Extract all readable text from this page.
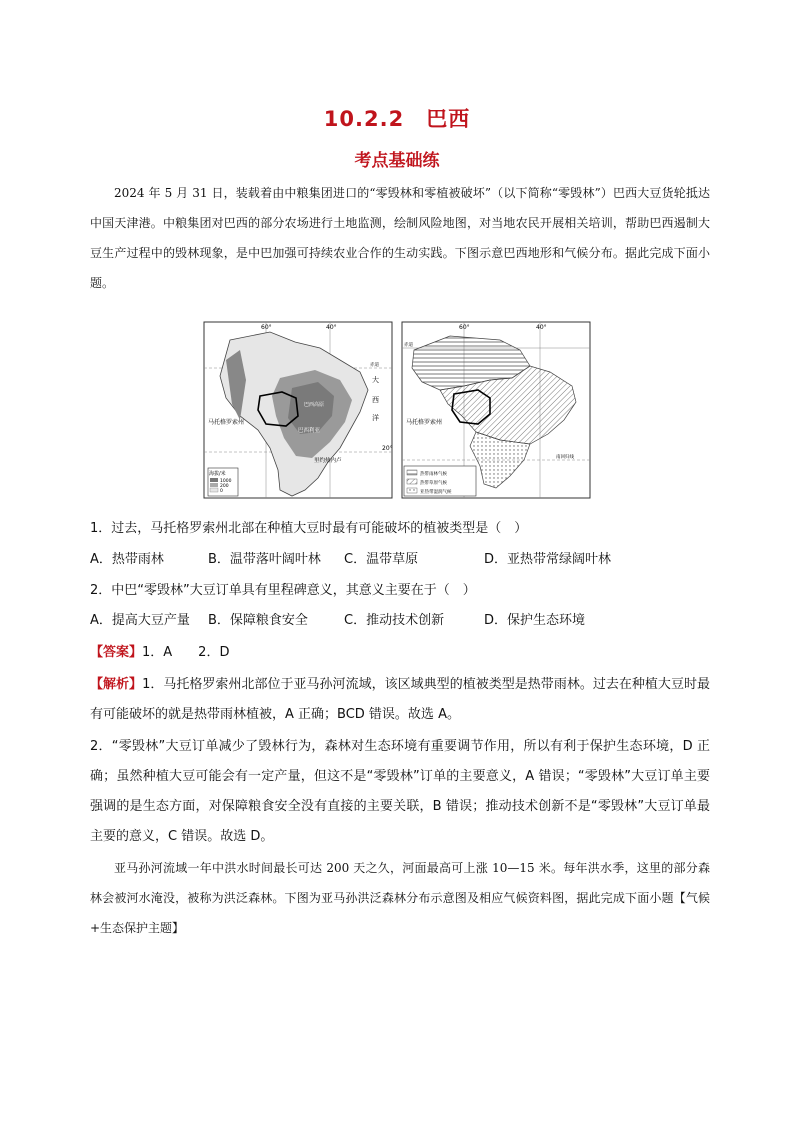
10.2.2　巴西
考点基础练
2024 年 5 月 31 日，装载着由中粮集团进口的“零毁林和零植被破坏”（以下简称“零毁林”）巴西大豆货轮抵达中国天津港。中粮集团对巴西的部分农场进行土地监测，绘制风险地图，对当地农民开展相关培训，帮助巴西遏制大豆生产过程中的毁林现象，是中巴加强可持续农业合作的生动实践。下图示意巴西地形和气候分布。据此完成下面小题。
60°	40°
赤道
大
西
洋
马托格罗索州
巴西高原
巴西利亚
里约热内卢
20°
海拔/米
1000
200
0
60°	40°
赤道
马托格罗索州
南回归线
热带雨林气候
热带草原气候
亚热带湿润气候
1．过去，马托格罗索州北部在种植大豆时最有可能破坏的植被类型是（　）
A．热带雨林	B．温带落叶阔叶林 C．温带草原	D．亚热带常绿阔叶林
2．中巴“零毁林”大豆订单具有里程碑意义，其意义主要在于（　）
A．提高大豆产量 B．保障粮食安全	C．推动技术创新	D．保护生态环境
【答案】1．A　　2．D
【解析】1．马托格罗索州北部位于亚马孙河流域，该区域典型的植被类型是热带雨林。过去在种植大豆时最有可能破坏的就是热带雨林植被，A 正确；BCD 错误。故选 A。
2．“零毁林”大豆订单减少了毁林行为，森林对生态环境有重要调节作用，所以有利于保护生态环境，D 正确；虽然种植大豆可能会有一定产量，但这不是“零毁林”订单的主要意义，A 错误；“零毁林”大豆订单主要强调的是生态方面，对保障粮食安全没有直接的主要关联，B 错误；推动技术创新不是“零毁林”大豆订单最主要的意义，C 错误。故选 D。
亚马孙河流域一年中洪水时间最长可达 200 天之久，河面最高可上涨 10—15 米。每年洪水季，这里的部分森林会被河水淹没，被称为洪泛森林。下图为亚马孙洪泛森林分布示意图及相应气候资料图，据此完成下面小题【气候+生态保护主题】
